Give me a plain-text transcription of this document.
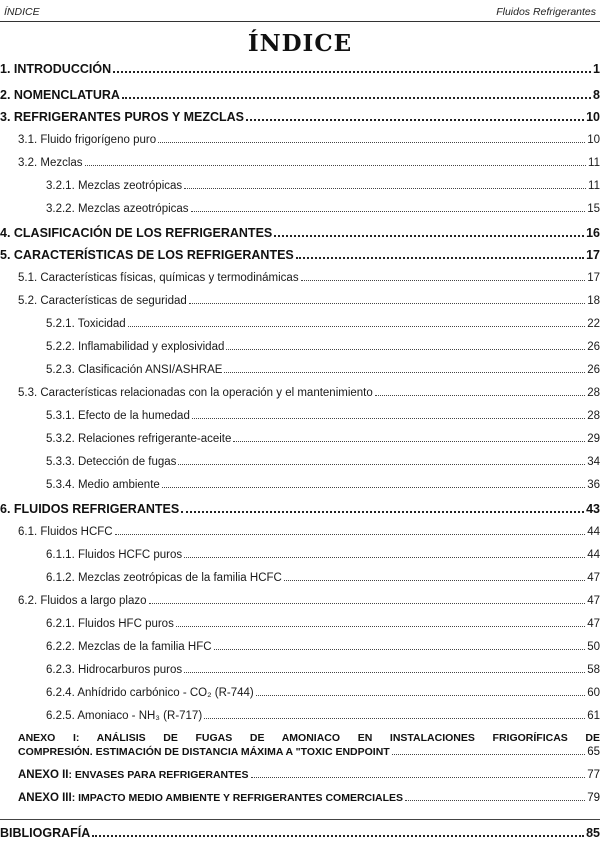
ÍNDICE	Fluidos Refrigerantes
ÍNDICE
1. INTRODUCCIÓN	1
2. NOMENCLATURA	8
3. REFRIGERANTES PUROS Y MEZCLAS	10
3.1. Fluido frigorígeno puro	10
3.2. Mezclas	11
3.2.1. Mezclas zeotrópicas	11
3.2.2. Mezclas azeotrópicas	15
4. CLASIFICACIÓN DE LOS REFRIGERANTES	16
5. CARACTERÍSTICAS DE LOS REFRIGERANTES	17
5.1. Características físicas, químicas y termodinámicas	17
5.2. Características de seguridad	18
5.2.1. Toxicidad	22
5.2.2. Inflamabilidad y explosividad	26
5.2.3. Clasificación ANSI/ASHRAE	26
5.3. Características relacionadas con la operación y el mantenimiento	28
5.3.1. Efecto de la humedad	28
5.3.2. Relaciones refrigerante-aceite	29
5.3.3. Detección de fugas	34
5.3.4. Medio ambiente	36
6. FLUIDOS REFRIGERANTES	43
6.1. Fluidos HCFC	44
6.1.1. Fluidos HCFC puros	44
6.1.2. Mezclas zeotrópicas de la familia HCFC	47
6.2. Fluidos a largo plazo	47
6.2.1. Fluidos HFC puros	47
6.2.2. Mezclas de la familia HFC	50
6.2.3. Hidrocarburos puros	58
6.2.4. Anhídrido carbónico - CO₂ (R-744)	60
6.2.5. Amoniaco - NH₃ (R-717)	61
ANEXO I: ANÁLISIS DE FUGAS DE AMONIACO EN INSTALACIONES FRIGORÍFICAS DE
COMPRESIÓN. ESTIMACIÓN DE DISTANCIA MÁXIMA A "TOXIC ENDPOINT	65
ANEXO II: ENVASES PARA REFRIGERANTES	77
ANEXO III: IMPACTO MEDIO AMBIENTE Y REFRIGERANTES COMERCIALES	79
BIBLIOGRAFÍA	85
